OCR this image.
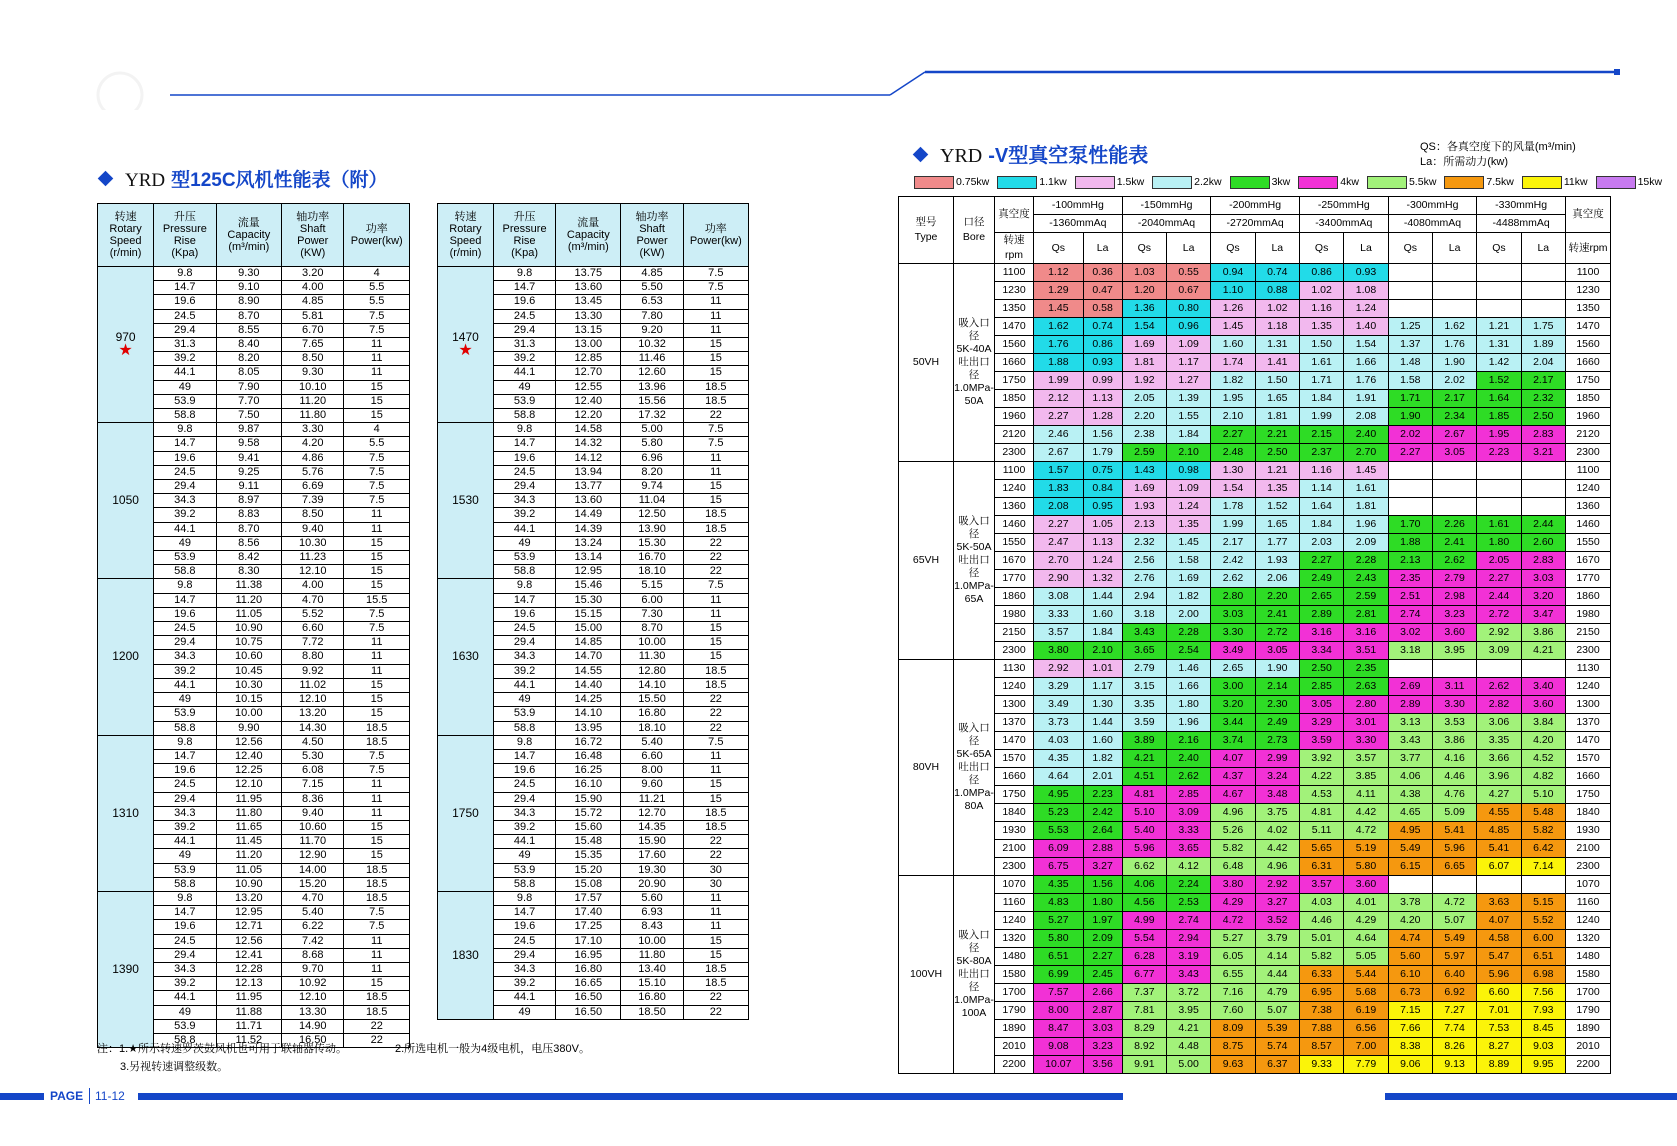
YRD 型125C风机性能表（附）
转速
Rotary
Speed
(r/min)	升压
Pressure
Rise
(Kpa)	流量
Capacity
(m³/min)	轴功率
Shaft
Power
(KW)	功率
Power(kw)
970
★	9.8	9.30	3.20	4
	14.7	9.10	4.00	5.5
	19.6	8.90	4.85	5.5
	24.5	8.70	5.81	7.5
	29.4	8.55	6.70	7.5
	31.3	8.40	7.65	11
	39.2	8.20	8.50	11
	44.1	8.05	9.30	11
	49	7.90	10.10	15
	53.9	7.70	11.20	15
	58.8	7.50	11.80	15
1050	9.8	9.87	3.30	4
	14.7	9.58	4.20	5.5
	19.6	9.41	4.86	7.5
	24.5	9.25	5.76	7.5
	29.4	9.11	6.69	7.5
	34.3	8.97	7.39	7.5
	39.2	8.83	8.50	11
	44.1	8.70	9.40	11
	49	8.56	10.30	15
	53.9	8.42	11.23	15
	58.8	8.30	12.10	15
1200	9.8	11.38	4.00	15
	14.7	11.20	4.70	15.5
	19.6	11.05	5.52	7.5
	24.5	10.90	6.60	7.5
	29.4	10.75	7.72	11
	34.3	10.60	8.80	11
	39.2	10.45	9.92	11
	44.1	10.30	11.02	15
	49	10.15	12.10	15
	53.9	10.00	13.20	15
	58.8	9.90	14.30	18.5
1310	9.8	12.56	4.50	18.5
	14.7	12.40	5.30	7.5
	19.6	12.25	6.08	7.5
	24.5	12.10	7.15	11
	29.4	11.95	8.36	11
	34.3	11.80	9.40	11
	39.2	11.65	10.60	15
	44.1	11.45	11.70	15
	49	11.20	12.90	15
	53.9	11.05	14.00	18.5
	58.8	10.90	15.20	18.5
1390	9.8	13.20	4.70	18.5
	14.7	12.95	5.40	7.5
	19.6	12.71	6.22	7.5
	24.5	12.56	7.42	11
	29.4	12.41	8.68	11
	34.3	12.28	9.70	11
	39.2	12.13	10.92	15
	44.1	11.95	12.10	18.5
	49	11.88	13.30	18.5
	53.9	11.71	14.90	22
	58.8	11.52	16.50	22
转速
Rotary
Speed
(r/min)	升压
Pressure
Rise
(Kpa)	流量
Capacity
(m³/min)	轴功率
Shaft
Power
(KW)	功率
Power(kw)
1470
★	9.8	13.75	4.85	7.5
	14.7	13.60	5.50	7.5
	19.6	13.45	6.53	11
	24.5	13.30	7.80	11
	29.4	13.15	9.20	11
	31.3	13.00	10.32	15
	39.2	12.85	11.46	15
	44.1	12.70	12.60	15
	49	12.55	13.96	18.5
	53.9	12.40	15.56	18.5
	58.8	12.20	17.32	22
1530	9.8	14.58	5.00	7.5
	14.7	14.32	5.80	7.5
	19.6	14.12	6.96	11
	24.5	13.94	8.20	11
	29.4	13.77	9.74	15
	34.3	13.60	11.04	15
	39.2	14.49	12.50	18.5
	44.1	14.39	13.90	18.5
	49	13.24	15.30	22
	53.9	13.14	16.70	22
	58.8	12.95	18.10	22
1630	9.8	15.46	5.15	7.5
	14.7	15.30	6.00	11
	19.6	15.15	7.30	11
	24.5	15.00	8.70	15
	29.4	14.85	10.00	15
	34.3	14.70	11.30	15
	39.2	14.55	12.80	18.5
	44.1	14.40	14.10	18.5
	49	14.25	15.50	22
	53.9	14.10	16.80	22
	58.8	13.95	18.10	22
1750	9.8	16.72	5.40	7.5
	14.7	16.48	6.60	11
	19.6	16.25	8.00	11
	24.5	16.10	9.60	15
	29.4	15.90	11.21	15
	34.3	15.72	12.70	18.5
	39.2	15.60	14.35	18.5
	44.1	15.48	15.90	22
	49	15.35	17.60	22
	53.9	15.20	19.30	30
	58.8	15.08	20.90	30
1830	9.8	17.57	5.60	11
	14.7	17.40	6.93	11
	19.6	17.25	8.43	11
	24.5	17.10	10.00	15
	29.4	16.95	11.80	15
	34.3	16.80	13.40	18.5
	39.2	16.65	15.10	18.5
	44.1	16.50	16.80	22
	49	16.50	18.50	22
注：1.★所示转速罗茨鼓风机也可用于联轴器传动。	2.所选电机一般为4级电机，电压380V。
3.另视转速调整级数。
YRD -V型真空泵性能表	QS：各真空度下的风量(m³/min)
La：所需动力(kw)
0.75kw	1.1kw	1.5kw	2.2kw	3kw	4kw	5.5kw	7.5kw	11kw	15kw
型号
Type	口径
Bore	真空度	-100mmHg		-150mmHg		-200mmHg		-250mmHg		-300mmHg		-330mmHg		真空度
			-1360mmAq		-2040mmAq		-2720mmAq		-3400mmAq		-4080mmAq		-4488mmAq		
		转速rpm	Qs	La	Qs	La	Qs	La	Qs	La	Qs	La	Qs	La	转速rpm
50VH	吸入口径
5K-40A
吐出口径
1.0MPa-
50A	1100	1.12	0.36	1.03	0.55	0.94	0.74	0.86	0.93					1100
		1230	1.29	0.47	1.20	0.67	1.10	0.88	1.02	1.08					1230
		1350	1.45	0.58	1.36	0.80	1.26	1.02	1.16	1.24					1350
		1470	1.62	0.74	1.54	0.96	1.45	1.18	1.35	1.40	1.25	1.62	1.21	1.75	1470
		1560	1.76	0.86	1.69	1.09	1.60	1.31	1.50	1.54	1.37	1.76	1.31	1.89	1560
		1660	1.88	0.93	1.81	1.17	1.74	1.41	1.61	1.66	1.48	1.90	1.42	2.04	1660
		1750	1.99	0.99	1.92	1.27	1.82	1.50	1.71	1.76	1.58	2.02	1.52	2.17	1750
		1850	2.12	1.13	2.05	1.39	1.95	1.65	1.84	1.91	1.71	2.17	1.64	2.32	1850
		1960	2.27	1.28	2.20	1.55	2.10	1.81	1.99	2.08	1.90	2.34	1.85	2.50	1960
		2120	2.46	1.56	2.38	1.84	2.27	2.21	2.15	2.40	2.02	2.67	1.95	2.83	2120
		2300	2.67	1.79	2.59	2.10	2.48	2.50	2.37	2.70	2.27	3.05	2.23	3.21	2300
65VH	吸入口径
5K-50A
吐出口径
1.0MPa-
65A	1100	1.57	0.75	1.43	0.98	1.30	1.21	1.16	1.45					1100
		1240	1.83	0.84	1.69	1.09	1.54	1.35	1.14	1.61					1240
		1360	2.08	0.95	1.93	1.24	1.78	1.52	1.64	1.81					1360
		1460	2.27	1.05	2.13	1.35	1.99	1.65	1.84	1.96	1.70	2.26	1.61	2.44	1460
		1550	2.47	1.13	2.32	1.45	2.17	1.77	2.03	2.09	1.88	2.41	1.80	2.60	1550
		1670	2.70	1.24	2.56	1.58	2.42	1.93	2.27	2.28	2.13	2.62	2.05	2.83	1670
		1770	2.90	1.32	2.76	1.69	2.62	2.06	2.49	2.43	2.35	2.79	2.27	3.03	1770
		1860	3.08	1.44	2.94	1.82	2.80	2.20	2.65	2.59	2.51	2.98	2.44	3.20	1860
		1980	3.33	1.60	3.18	2.00	3.03	2.41	2.89	2.81	2.74	3.23	2.72	3.47	1980
		2150	3.57	1.84	3.43	2.28	3.30	2.72	3.16	3.16	3.02	3.60	2.92	3.86	2150
		2300	3.80	2.10	3.65	2.54	3.49	3.05	3.34	3.51	3.18	3.95	3.09	4.21	2300
80VH	吸入口径
5K-65A
吐出口径
1.0MPa-
80A	1130	2.92	1.01	2.79	1.46	2.65	1.90	2.50	2.35					1130
		1240	3.29	1.17	3.15	1.66	3.00	2.14	2.85	2.63	2.69	3.11	2.62	3.40	1240
		1300	3.49	1.30	3.35	1.80	3.20	2.30	3.05	2.80	2.89	3.30	2.82	3.60	1300
		1370	3.73	1.44	3.59	1.96	3.44	2.49	3.29	3.01	3.13	3.53	3.06	3.84	1370
		1470	4.03	1.60	3.89	2.16	3.74	2.73	3.59	3.30	3.43	3.86	3.35	4.20	1470
		1570	4.35	1.82	4.21	2.40	4.07	2.99	3.92	3.57	3.77	4.16	3.66	4.52	1570
		1660	4.64	2.01	4.51	2.62	4.37	3.24	4.22	3.85	4.06	4.46	3.96	4.82	1660
		1750	4.95	2.23	4.81	2.85	4.67	3.48	4.53	4.11	4.38	4.76	4.27	5.10	1750
		1840	5.23	2.42	5.10	3.09	4.96	3.75	4.81	4.42	4.65	5.09	4.55	5.48	1840
		1930	5.53	2.64	5.40	3.33	5.26	4.02	5.11	4.72	4.95	5.41	4.85	5.82	1930
		2100	6.09	2.88	5.96	3.65	5.82	4.42	5.65	5.19	5.49	5.96	5.41	6.42	2100
		2300	6.75	3.27	6.62	4.12	6.48	4.96	6.31	5.80	6.15	6.65	6.07	7.14	2300
100VH	吸入口径
5K-80A
吐出口径
1.0MPa-
100A	1070	4.35	1.56	4.06	2.24	3.80	2.92	3.57	3.60					1070
		1160	4.83	1.80	4.56	2.53	4.29	3.27	4.03	4.01	3.78	4.72	3.63	5.15	1160
		1240	5.27	1.97	4.99	2.74	4.72	3.52	4.46	4.29	4.20	5.07	4.07	5.52	1240
		1320	5.80	2.09	5.54	2.94	5.27	3.79	5.01	4.64	4.74	5.49	4.58	6.00	1320
		1480	6.51	2.27	6.28	3.19	6.05	4.14	5.82	5.05	5.60	5.97	5.47	6.51	1480
		1580	6.99	2.45	6.77	3.43	6.55	4.44	6.33	5.44	6.10	6.40	5.96	6.98	1580
		1700	7.57	2.66	7.37	3.72	7.16	4.79	6.95	5.68	6.73	6.92	6.60	7.56	1700
		1790	8.00	2.87	7.81	3.95	7.60	5.07	7.38	6.19	7.15	7.27	7.01	7.93	1790
		1890	8.47	3.03	8.29	4.21	8.09	5.39	7.88	6.56	7.66	7.74	7.53	8.45	1890
		2010	9.08	3.23	8.92	4.48	8.75	5.74	8.57	7.00	8.38	8.26	8.27	9.03	2010
		2200	10.07	3.56	9.91	5.00	9.63	6.37	9.33	7.79	9.06	9.13	8.89	9.95	2200
PAGE 11-12
